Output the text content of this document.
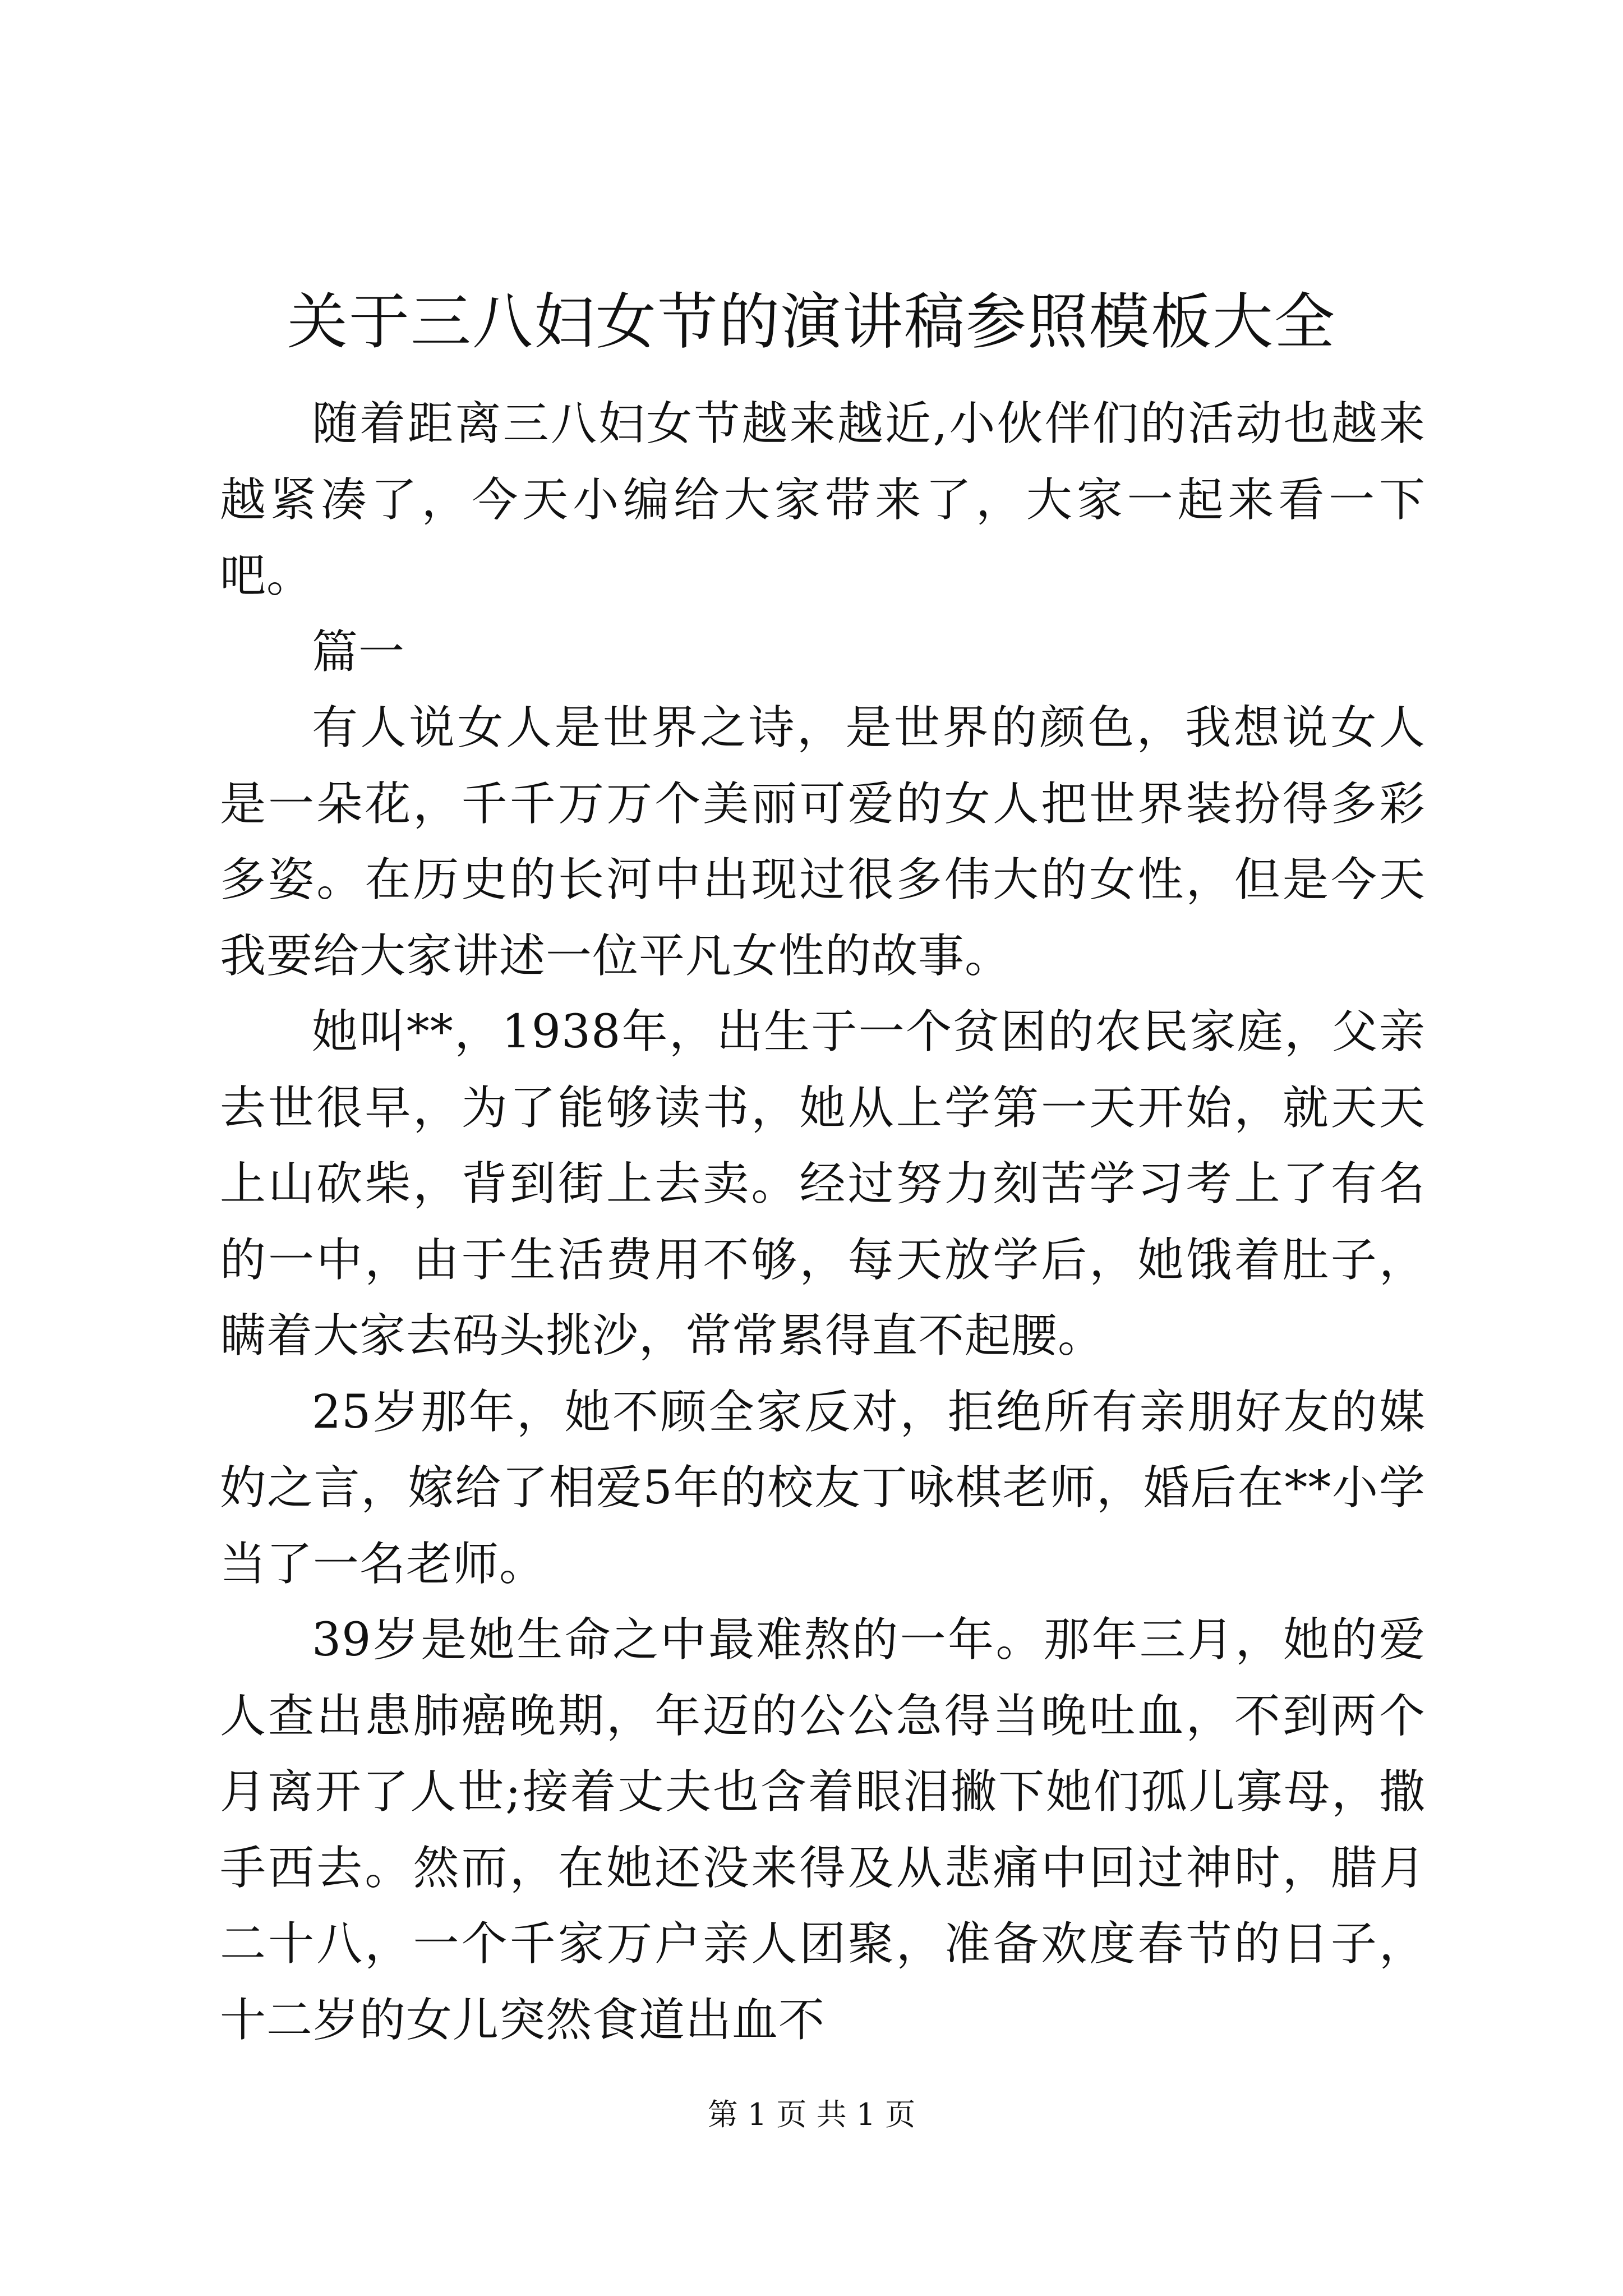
关于三八妇女节的演讲稿参照模板大全

随着距离三八妇女节越来越近,小伙伴们的活动也越来越紧凑了，今天小编给大家带来了，大家一起来看一下吧。

篇一

有人说女人是世界之诗，是世界的颜色，我想说女人是一朵花，千千万万个美丽可爱的女人把世界装扮得多彩多姿。在历史的长河中出现过很多伟大的女性，但是今天我要给大家讲述一位平凡女性的故事。

她叫**，1938年，出生于一个贫困的农民家庭，父亲去世很早，为了能够读书，她从上学第一天开始，就天天上山砍柴，背到街上去卖。经过努力刻苦学习考上了有名的一中，由于生活费用不够，每天放学后，她饿着肚子，瞒着大家去码头挑沙，常常累得直不起腰。

25岁那年，她不顾全家反对，拒绝所有亲朋好友的媒妁之言，嫁给了相爱5年的校友丁咏棋老师，婚后在**小学当了一名老师。

39岁是她生命之中最难熬的一年。那年三月，她的爱人查出患肺癌晚期，年迈的公公急得当晚吐血，不到两个月离开了人世;接着丈夫也含着眼泪撇下她们孤儿寡母，撒手西去。然而，在她还没来得及从悲痛中回过神时，腊月二十八，一个千家万户亲人团聚，准备欢度春节的日子，十二岁的女儿突然食道出血不

第 1 页 共 1 页
